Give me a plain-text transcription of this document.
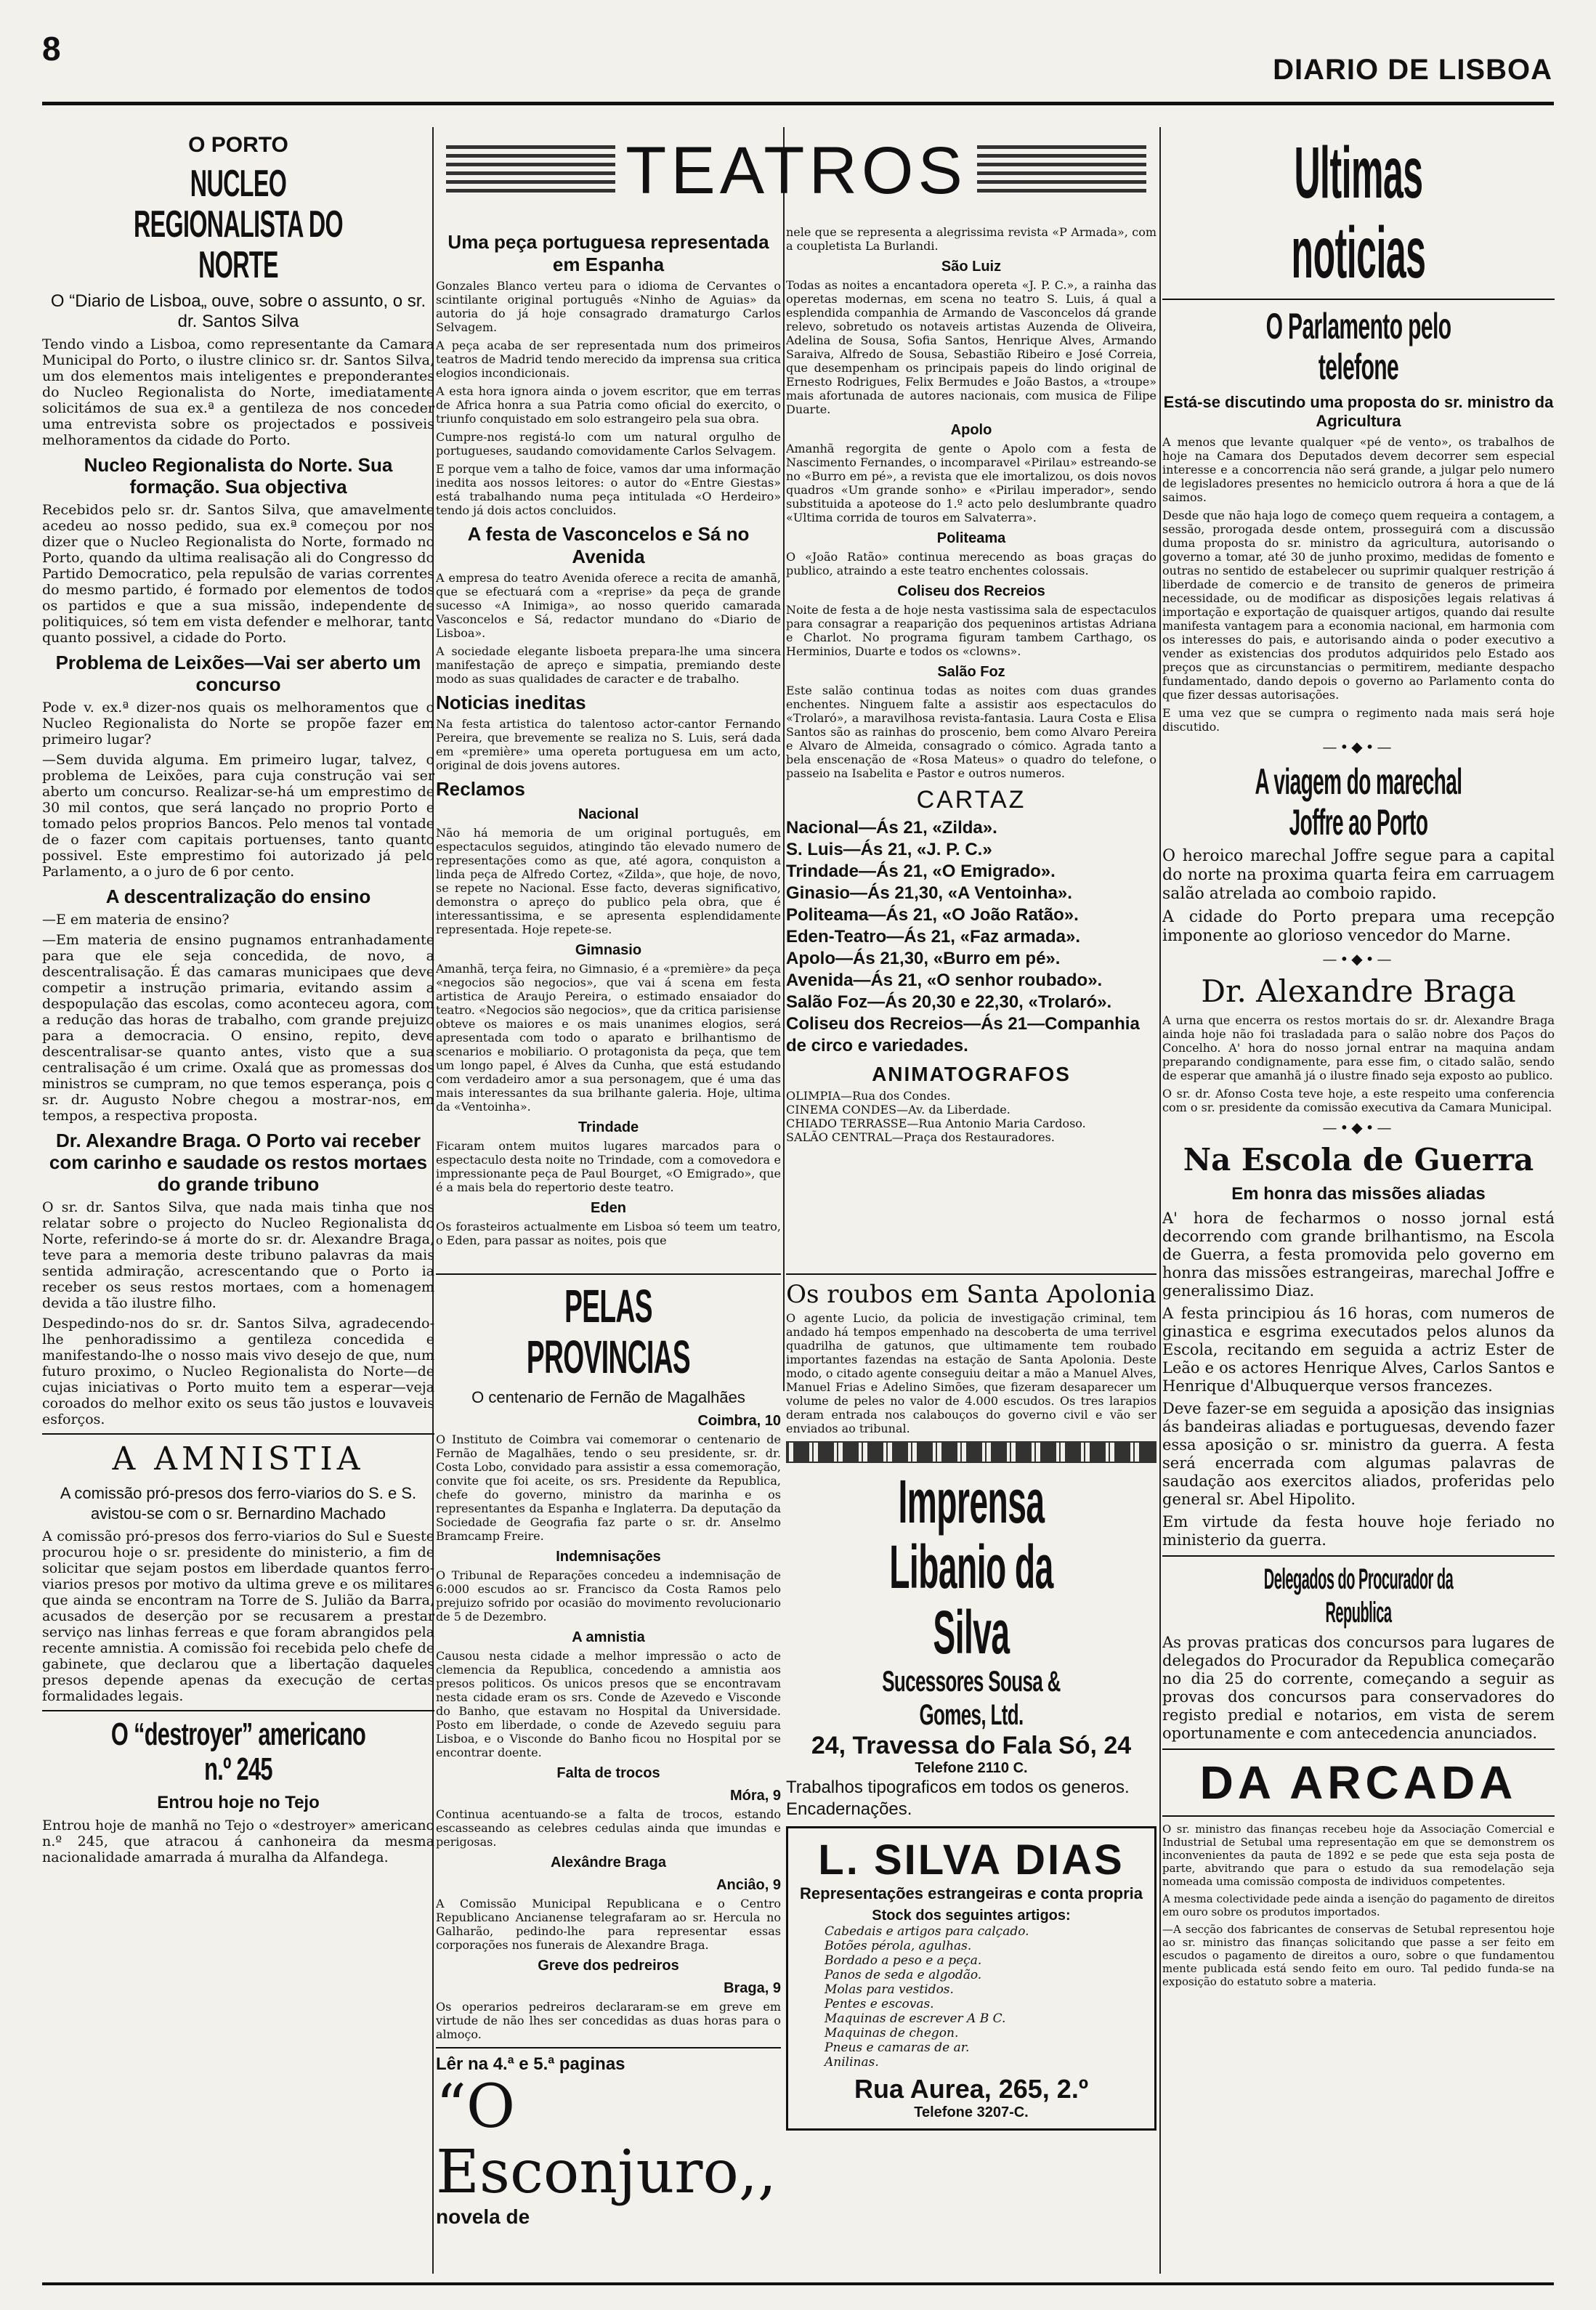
8
DIARIO DE LISBOA
O PORTO
NUCLEO REGIONALISTA DO NORTE
O “Diario de Lisboa„ ouve, sobre o assunto, o sr. dr. Santos Silva

Tendo vindo a Lisboa, como representante da Camara Municipal do Porto, o ilustre clinico sr. dr. Santos Silva, um dos elementos mais inteligentes e preponderantes do Nucleo Regionalista do Norte, imediatamente solicitámos de sua ex.ª a gentileza de nos conceder uma entrevista sobre os projectados e possiveis melhoramentos da cidade do Porto.

Nucleo Regionalista do Norte. Sua formação. Sua objectiva

Recebidos pelo sr. dr. Santos Silva, que amavelmente acedeu ao nosso pedido, sua ex.ª começou por nos dizer que o Nucleo Regionalista do Norte, formado no Porto, quando da ultima realisação ali do Congresso do Partido Democratico, pela repulsão de varias correntes do mesmo partido, é formado por elementos de todos os partidos e que a sua missão, independente de politiquices, só tem em vista defender e melhorar, tanto quanto possivel, a cidade do Porto.

Problema de Leixões—Vai ser aberto um concurso

Pode v. ex.ª dizer-nos quais os melhoramentos que o Nucleo Regionalista do Norte se propõe fazer em primeiro lugar?

—Sem duvida alguma. Em primeiro lugar, talvez, o problema de Leixões, para cuja construção vai ser aberto um concurso. Realizar-se-há um emprestimo de 30 mil contos, que será lançado no proprio Porto e tomado pelos proprios Bancos. Pelo menos tal vontade de o fazer com capitais portuenses, tanto quanto possivel. Este emprestimo foi autorizado já pelo Parlamento, a o juro de 6 por cento.

A descentralização do ensino

—E em materia de ensino?

—Em materia de ensino pugnamos entranhadamente para que ele seja concedida, de novo, a descentralisação. É das camaras municipaes que deve competir a instrução primaria, evitando assim a despopulação das escolas, como aconteceu agora, com a redução das horas de trabalho, com grande prejuizo para a democracia. O ensino, repito, deve descentralisar-se quanto antes, visto que a sua centralisação é um crime. Oxalá que as promessas dos ministros se cumpram, no que temos esperança, pois o sr. dr. Augusto Nobre chegou a mostrar-nos, em tempos, a respectiva proposta.

Dr. Alexandre Braga. O Porto vai receber com carinho e saudade os restos mortaes do grande tribuno

O sr. dr. Santos Silva, que nada mais tinha que nos relatar sobre o projecto do Nucleo Regionalista do Norte, referindo-se á morte do sr. dr. Alexandre Braga, teve para a memoria deste tribuno palavras da mais sentida admiração, acrescentando que o Porto ia receber os seus restos mortaes, com a homenagem devida a tão ilustre filho.

Despedindo-nos do sr. dr. Santos Silva, agradecendo-lhe penhoradissimo a gentileza concedida e manifestando-lhe o nosso mais vivo desejo de que, num futuro proximo, o Nucleo Regionalista do Norte—de cujas iniciativas o Porto muito tem a esperar—veja coroados do melhor exito os seus tão justos e louvaveis esforços.

A AMNISTIA
A comissão pró-presos dos ferro-viarios do S. e S. avistou-se com o sr. Bernardino Machado

A comissão pró-presos dos ferro-viarios do Sul e Sueste procurou hoje o sr. presidente do ministerio, a fim de solicitar que sejam postos em liberdade quantos ferro-viarios presos por motivo da ultima greve e os militares que ainda se encontram na Torre de S. Julião da Barra, acusados de deserção por se recusarem a prestar serviço nas linhas ferreas e que foram abrangidos pela recente amnistia. A comissão foi recebida pelo chefe de gabinete, que declarou que a libertação daqueles presos depende apenas da execução de certas formalidades legais.

O “destroyer” americano n.º 245
Entrou hoje no Tejo

Entrou hoje de manhã no Tejo o «destroyer» americano n.º 245, que atracou á canhoneira da mesma nacionalidade amarrada á muralha da Alfandega.

TEATROS
Uma peça portuguesa representada em Espanha

Gonzales Blanco verteu para o idioma de Cervantes o scintilante original português «Ninho de Aguias» da autoria do já hoje consagrado dramaturgo Carlos Selvagem.

A peça acaba de ser representada num dos primeiros teatros de Madrid tendo merecido da imprensa sua critica elogios incondicionais.

A esta hora ignora ainda o jovem escritor, que em terras de Africa honra a sua Patria como oficial do exercito, o triunfo conquistado em solo estrangeiro pela sua obra.

Cumpre-nos registá-lo com um natural orgulho de portugueses, saudando comovidamente Carlos Selvagem.

E porque vem a talho de foice, vamos dar uma informação inedita aos nossos leitores: o autor do «Entre Giestas» está trabalhando numa peça intitulada «O Herdeiro» tendo já dois actos concluidos.

A festa de Vasconcelos e Sá no Avenida

A empresa do teatro Avenida oferece a recita de amanhã, que se efectuará com a «reprise» da peça de grande sucesso «A Inimiga», ao nosso querido camarada Vasconcelos e Sá, redactor mundano do «Diario de Lisboa».

A sociedade elegante lisboeta prepara-lhe uma sincera manifestação de apreço e simpatia, premiando deste modo as suas qualidades de caracter e de trabalho.

Noticias ineditas

Na festa artistica do talentoso actor-cantor Fernando Pereira, que brevemente se realiza no S. Luis, será dada em «première» uma opereta portuguesa em um acto, original de dois jovens autores.

Reclamos
Nacional

Não há memoria de um original português, em espectaculos seguidos, atingindo tão elevado numero de representações como as que, até agora, conquiston a linda peça de Alfredo Cortez, «Zilda», que hoje, de novo, se repete no Nacional. Esse facto, deveras significativo, demonstra o apreço do publico pela obra, que é interessantissima, e se apresenta esplendidamente representada. Hoje repete-se.

Gimnasio

Amanhã, terça feira, no Gimnasio, é a «première» da peça «negocios são negocios», que vai á scena em festa artistica de Araujo Pereira, o estimado ensaiador do teatro. «Negocios são negocios», que da critica parisiense obteve os maiores e os mais unanimes elogios, será apresentada com todo o aparato e brilhantismo de scenarios e mobiliario. O protagonista da peça, que tem um longo papel, é Alves da Cunha, que está estudando com verdadeiro amor a sua personagem, que é uma das mais interessantes da sua brilhante galeria. Hoje, ultima da «Ventoinha».

Trindade

Ficaram ontem muitos lugares marcados para o espectaculo desta noite no Trindade, com a comovedora e impressionante peça de Paul Bourget, «O Emigrado», que é a mais bela do repertorio deste teatro.

Eden

Os forasteiros actualmente em Lisboa só teem um teatro, o Eden, para passar as noites, pois que

nele que se representa a alegrissima revista «P Armada», com a coupletista La Burlandi.

São Luiz

Todas as noites a encantadora opereta «J. P. C.», a rainha das operetas modernas, em scena no teatro S. Luis, á qual a esplendida companhia de Armando de Vasconcelos dá grande relevo, sobretudo os notaveis artistas Auzenda de Oliveira, Adelina de Sousa, Sofia Santos, Henrique Alves, Armando Saraiva, Alfredo de Sousa, Sebastião Ribeiro e José Correia, que desempenham os principais papeis do lindo original de Ernesto Rodrigues, Felix Bermudes e João Bastos, a «troupe» mais afortunada de autores nacionais, com musica de Filipe Duarte.

Apolo

Amanhã regorgita de gente o Apolo com a festa de Nascimento Fernandes, o incomparavel «Pirilau» estreando-se no «Burro em pé», a revista que ele imortalizou, os dois novos quadros «Um grande sonho» e «Pirilau imperador», sendo substituida a apoteose do 1.º acto pelo deslumbrante quadro «Ultima corrida de touros em Salvaterra».

Politeama

O «João Ratão» continua merecendo as boas graças do publico, atraindo a este teatro enchentes colossais.

Coliseu dos Recreios

Noite de festa a de hoje nesta vastissima sala de espectaculos para consagrar a reaparição dos pequeninos artistas Adriana e Charlot. No programa figuram tambem Carthago, os Herminios, Duarte e todos os «clowns».

Salão Foz

Este salão continua todas as noites com duas grandes enchentes. Ninguem falte a assistir aos espectaculos do «Trolaró», a maravilhosa revista-fantasia. Laura Costa e Elisa Santos são as rainhas do proscenio, bem como Alvaro Pereira e Alvaro de Almeida, consagrado o cómico. Agrada tanto a bela enscenação de «Rosa Mateus» o quadro do telefone, o passeio na Isabelita e Pastor e outros numeros.

CARTAZ

Nacional—Ás 21, «Zilda».

S. Luis—Ás 21, «J. P. C.»

Trindade—Ás 21, «O Emigrado».

Ginasio—Ás 21,30, «A Ventoinha».

Politeama—Ás 21, «O João Ratão».

Eden-Teatro—Ás 21, «Faz armada».

Apolo—Ás 21,30, «Burro em pé».

Avenida—Ás 21, «O senhor roubado».

Salão Foz—Ás 20,30 e 22,30, «Trolaró».

Coliseu dos Recreios—Ás 21—Companhia de circo e variedades.

ANIMATOGRAFOS
OLIMPIA—Rua dos Condes.
CINEMA CONDES—Av. da Liberdade.
CHIADO TERRASSE—Rua Antonio Maria Cardoso.
SALÃO CENTRAL—Praça dos Restauradores.
PELAS PROVINCIAS
O centenario de Fernão de Magalhães
Coimbra, 10

O Instituto de Coimbra vai comemorar o centenario de Fernão de Magalhães, tendo o seu presidente, sr. dr. Costa Lobo, convidado para assistir a essa comemoração, convite que foi aceite, os srs. Presidente da Republica, chefe do governo, ministro da marinha e os representantes da Espanha e Inglaterra. Da deputação da Sociedade de Geografia faz parte o sr. dr. Anselmo Bramcamp Freire.

Indemnisações

O Tribunal de Reparações concedeu a indemnisação de 6:000 escudos ao sr. Francisco da Costa Ramos pelo prejuizo sofrido por ocasião do movimento revolucionario de 5 de Dezembro.

A amnistia

Causou nesta cidade a melhor impressão o acto de clemencia da Republica, concedendo a amnistia aos presos politicos. Os unicos presos que se encontravam nesta cidade eram os srs. Conde de Azevedo e Visconde do Banho, que estavam no Hospital da Universidade. Posto em liberdade, o conde de Azevedo seguiu para Lisboa, e o Visconde do Banho ficou no Hospital por se encontrar doente.

Falta de trocos
Móra, 9

Continua acentuando-se a falta de trocos, estando escasseando as celebres cedulas ainda que imundas e perigosas.

Alexândre Braga
Anciâo, 9

A Comissão Municipal Republicana e o Centro Republicano Ancianense telegrafaram ao sr. Hercula no Galharão, pedindo-lhe para representar essas corporações nos funerais de Alexandre Braga.

Greve dos pedreiros
Braga, 9

Os operarios pedreiros declararam-se em greve em virtude de não lhes ser concedidas as duas horas para o almoço.

Lêr na 4.ª e 5.ª paginas
“O Esconjuro,,
novela de
Os roubos em Santa Apolonia

O agente Lucio, da policia de investigação criminal, tem andado há tempos empenhado na descoberta de uma terrivel quadrilha de gatunos, que ultimamente tem roubado importantes fazendas na estação de Santa Apolonia. Deste modo, o citado agente conseguiu deitar a mão a Manuel Alves, Manuel Frias e Adelino Simões, que fizeram desaparecer um volume de peles no valor de 4.000 escudos. Os tres larapios deram entrada nos calabouços do governo civil e vão ser enviados ao tribunal.

Imprensa Libanio da Silva
Sucessores Sousa & Gomes, Ltd.
24, Travessa do Fala Só, 24
Telefone 2110 C.
Trabalhos tipograficos em todos os generos. Encadernações.
L. SILVA DIAS
Representações estrangeiras e conta propria
Stock dos seguintes artigos:
Cabedais e artigos para calçado.
Botões pérola, agulhas.
Bordado a peso e a peça.
Panos de seda e algodão.
Molas para vestidos.
Pentes e escovas.
Maquinas de escrever A B C.
Maquinas de chegon.
Pneus e camaras de ar.
Anilinas.
Rua Aurea, 265, 2.º
Telefone 3207-C.
Ultimas noticias
O Parlamento pelo telefone
Está-se discutindo uma proposta do sr. ministro da Agricultura

A menos que levante qualquer «pé de vento», os trabalhos de hoje na Camara dos Deputados devem decorrer sem especial interesse e a concorrencia não será grande, a julgar pelo numero de legisladores presentes no hemiciclo outrora á hora a que de lá saimos.

Desde que não haja logo de começo quem requeira a contagem, a sessão, prorogada desde ontem, prosseguirá com a discussão duma proposta do sr. ministro da agricultura, autorisando o governo a tomar, até 30 de junho proximo, medidas de fomento e outras no sentido de estabelecer ou suprimir qualquer restrição á liberdade de comercio e de transito de generos de primeira necessidade, ou de modificar as disposições legais relativas á importação e exportação de quaisquer artigos, quando dai resulte manifesta vantagem para a economia nacional, em harmonia com os interesses do pais, e autorisando ainda o poder executivo a vender as existencias dos produtos adquiridos pelo Estado aos preços que as circunstancias o permitirem, mediante despacho fundamentado, dando depois o governo ao Parlamento conta do que fizer dessas autorisações.

E uma vez que se cumpra o regimento nada mais será hoje discutido.

—•◆•—
A viagem do marechal Joffre ao Porto

O heroico marechal Joffre segue para a capital do norte na proxima quarta feira em carruagem salão atrelada ao comboio rapido.

A cidade do Porto prepara uma recepção imponente ao glorioso vencedor do Marne.

—•◆•—
Dr. Alexandre Braga

A urna que encerra os restos mortais do sr. dr. Alexandre Braga ainda hoje não foi trasladada para o salão nobre dos Paços do Concelho. A' hora do nosso jornal entrar na maquina andam preparando condignamente, para esse fim, o citado salão, sendo de esperar que amanhã já o ilustre finado seja exposto ao publico.

O sr. dr. Afonso Costa teve hoje, a este respeito uma conferencia com o sr. presidente da comissão executiva da Camara Municipal.

—•◆•—
Na Escola de Guerra
Em honra das missões aliadas

A' hora de fecharmos o nosso jornal está decorrendo com grande brilhantismo, na Escola de Guerra, a festa promovida pelo governo em honra das missões estrangeiras, marechal Joffre e generalissimo Diaz.

A festa principiou ás 16 horas, com numeros de ginastica e esgrima executados pelos alunos da Escola, recitando em seguida a actriz Ester de Leão e os actores Henrique Alves, Carlos Santos e Henrique d'Albuquerque versos francezes.

Deve fazer-se em seguida a aposição das insignias ás bandeiras aliadas e portuguesas, devendo fazer essa aposição o sr. ministro da guerra. A festa será encerrada com algumas palavras de saudação aos exercitos aliados, proferidas pelo general sr. Abel Hipolito.

Em virtude da festa houve hoje feriado no ministerio da guerra.

Delegados do Procurador da Republica

As provas praticas dos concursos para lugares de delegados do Procurador da Republica começarão no dia 25 do corrente, começando a seguir as provas dos concursos para conservadores do registo predial e notarios, em vista de serem oportunamente e com antecedencia anunciados.

DA ARCADA

O sr. ministro das finanças recebeu hoje da Associação Comercial e Industrial de Setubal uma representação em que se demonstrem os inconvenientes da pauta de 1892 e se pede que esta seja posta de parte, abvitrando que para o estudo da sua remodelação seja nomeada uma comissão composta de individuos competentes.

A mesma colectividade pede ainda a isenção do pagamento de direitos em ouro sobre os produtos importados.

—A secção dos fabricantes de conservas de Setubal representou hoje ao sr. ministro das finanças solicitando que passe a ser feito em escudos o pagamento de direitos a ouro, sobre o que fundamentou mente publicada está sendo feito em ouro. Tal pedido funda-se na exposição do estatuto sobre a materia.
